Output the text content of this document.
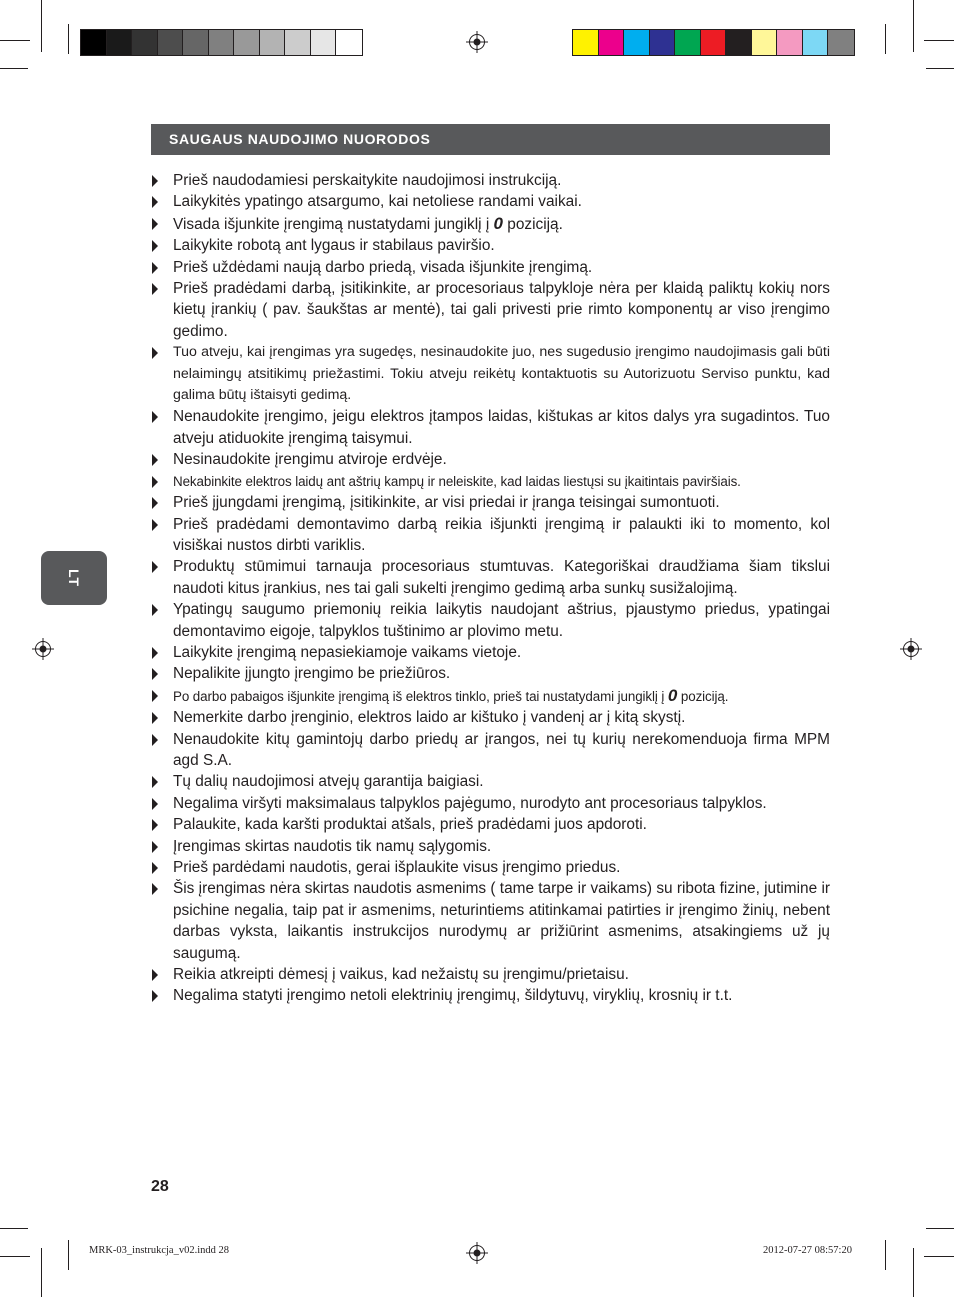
SAUGAUS NAUDOJIMO NUORODOS
LT
Prieš naudodamiesi perskaitykite naudojimosi instrukciją.
Laikykitės ypatingo atsargumo, kai netoliese randami vaikai.
Visada išjunkite įrengimą nustatydami jungiklį į 0 poziciją.
Laikykite robotą ant lygaus ir stabilaus paviršio.
Prieš uždėdami naują darbo priedą, visada išjunkite įrengimą.
Prieš pradėdami darbą, įsitikinkite, ar procesoriaus talpykloje nėra per klaidą paliktų kokių nors kietų įrankių ( pav. šaukštas ar mentė), tai gali privesti prie rimto komponentų ar viso įrengimo gedimo.
Tuo atveju, kai įrengimas yra sugedęs, nesinaudokite juo, nes sugedusio įrengimo naudojimasis gali būti nelaimingų atsitikimų priežastimi. Tokiu atveju reikėtų kontaktuotis su Autorizuotu Serviso punktu, kad galima būtų ištaisyti gedimą.
Nenaudokite įrengimo, jeigu elektros įtampos laidas, kištukas ar kitos dalys yra sugadintos. Tuo atveju atiduokite įrengimą taisymui.
Nesinaudokite įrengimu atviroje erdvėje.
Nekabinkite elektros laidų ant aštrių kampų ir neleiskite, kad laidas liestųsi su įkaitintais paviršiais.
Prieš įjungdami įrengimą, įsitikinkite, ar visi priedai ir įranga teisingai sumontuoti.
Prieš pradėdami demontavimo darbą reikia išjunkti įrengimą ir palaukti iki to momento, kol visiškai nustos dirbti variklis.
Produktų stūmimui tarnauja procesoriaus stumtuvas. Kategoriškai draudžiama šiam tikslui naudoti kitus įrankius, nes tai gali sukelti įrengimo gedimą arba sunkų susižalojimą.
Ypatingų saugumo priemonių reikia laikytis naudojant aštrius, pjaustymo priedus, ypatingai demontavimo eigoje, talpyklos tuštinimo ar plovimo metu.
Laikykite įrengimą nepasiekiamoje vaikams vietoje.
Nepalikite įjungto įrengimo be priežiūros.
Po darbo pabaigos išjunkite įrengimą iš elektros tinklo, prieš tai nustatydami jungiklį į 0 poziciją.
Nemerkite darbo įrenginio, elektros laido ar kištuko į vandenį ar į kitą skystį.
Nenaudokite kitų gamintojų darbo priedų ar įrangos, nei tų kurių nerekomenduoja firma MPM agd S.A.
Tų dalių naudojimosi atvejų garantija baigiasi.
Negalima viršyti maksimalaus talpyklos pajėgumo, nurodyto ant procesoriaus talpyklos.
Palaukite, kada karšti produktai atšals, prieš pradėdami juos apdoroti.
Įrengimas skirtas naudotis tik namų sąlygomis.
Prieš pardėdami naudotis, gerai išplaukite visus įrengimo priedus.
Šis įrengimas nėra skirtas naudotis asmenims ( tame tarpe ir vaikams) su ribota fizine, jutimine ir psichine negalia, taip pat ir asmenims, neturintiems atitinkamai patirties ir įrengimo žinių, nebent darbas vyksta, laikantis instrukcijos nurodymų ar prižiūrint asmenims, atsakingiems už jų saugumą.
Reikia atkreipti dėmesį į vaikus, kad nežaistų su įrengimu/prietaisu.
Negalima statyti įrengimo netoli elektrinių įrengimų, šildytuvų, viryklių, krosnių ir t.t.
28
MRK-03_instrukcja_v02.indd 28	2012-07-27 08:57:20
